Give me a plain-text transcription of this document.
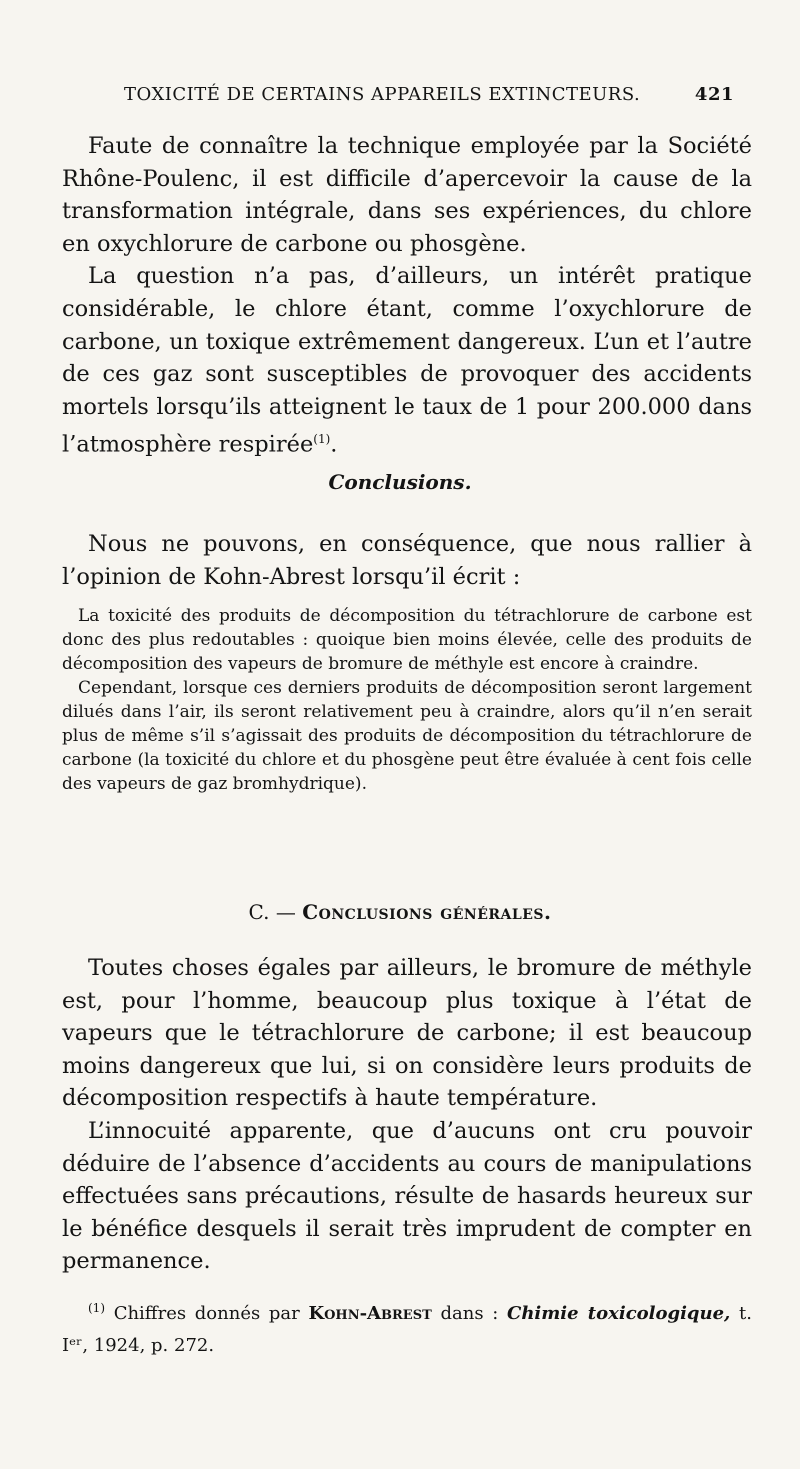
TOXICITÉ DE CERTAINS APPAREILS EXTINCTEURS.	421

Faute de connaître la technique employée par la Société Rhône-Poulenc, il est difficile d’apercevoir la cause de la transformation intégrale, dans ses expériences, du chlore en oxychlorure de carbone ou phosgène.

La question n’a pas, d’ailleurs, un intérêt pratique considérable, le chlore étant, comme l’oxychlorure de carbone, un toxique extrêmement dangereux. L’un et l’autre de ces gaz sont susceptibles de provoquer des accidents mortels lorsqu’ils atteignent le taux de 1 pour 200.000 dans l’atmosphère respirée$^{(1)}$.

Conclusions.

Nous ne pouvons, en conséquence, que nous rallier à l’opinion de Kohn-Abrest lorsqu’il écrit :

La toxicité des produits de décomposition du tétrachlorure de carbone est donc des plus redoutables : quoique bien moins élevée, celle des produits de décomposition des vapeurs de bromure de méthyle est encore à craindre.

Cependant, lorsque ces derniers produits de décomposition seront largement dilués dans l’air, ils seront relativement peu à craindre, alors qu’il n’en serait plus de même s’il s’agissait des produits de décomposition du tétrachlorure de carbone (la toxicité du chlore et du phosgène peut être évaluée à cent fois celle des vapeurs de gaz bromhydrique).

C. — Conclusions générales.

Toutes choses égales par ailleurs, le bromure de méthyle est, pour l’homme, beaucoup plus toxique à l’état de vapeurs que le tétrachlorure de carbone; il est beaucoup moins dangereux que lui, si on considère leurs produits de décomposition respectifs à haute température.

L’innocuité apparente, que d’aucuns ont cru pouvoir déduire de l’absence d’accidents au cours de manipulations effectuées sans précautions, résulte de hasards heureux sur le bénéfice desquels il serait très imprudent de compter en permanence.

$^{(1)}$ Chiffres donnés par Kohn-Abrest dans : Chimie toxicologique, t. Iᵉʳ, 1924, p. 272.
